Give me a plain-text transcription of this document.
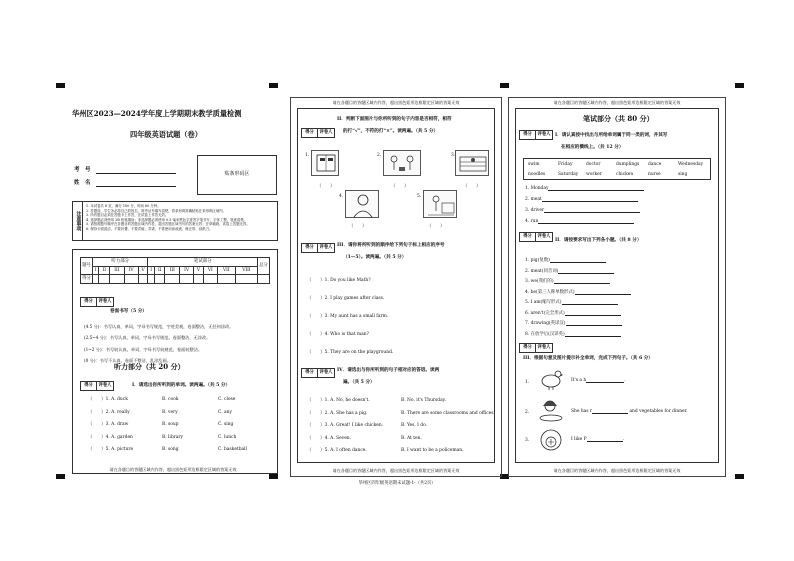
华州区2023—2024学年度上学期期末教学质量检测
四年级英语试题（卷）
考　号
姓　名
贴条形码区
注意事项
1. 本试卷共 8 页，满分 100 分，时间 60 分钟。
2. 答题前，学生务必将自己的姓名、准考证号填写清楚，将条形码准确粘贴在条形码区域内。
3. 所有题目必须在答题卡上作答，在试卷上作答无效。
4. 选择题必须使用 2B 铅笔填涂；非选择题必须使用 0.5 毫米黑色字迹签字笔书写，字体工整、笔迹清楚。
5. 请按照题号顺序在各题目的答题区域内作答，超出答题区域书写的答案无效；在草稿纸、试卷上答题无效。
6. 保持卡面清洁，不要折叠、不要弄破、弄皱，不准使用涂改液、修正带、刮纸刀。
题号	听力部分					笔试部分								总分
	I	II	III	IV	V	I	II	III	IV	V	VI	VII	VIII	
得分														
得分	评卷人
卷面书写（5 分）
(4.5 分)：书写认真，单词，字母书写规范，字迹美观，卷面整洁，无任何涂改。
(2.5~4 分)：书写认真，单词，字母书写规范，卷面整洁，无涂改。
(1~2 分)：书写较认真，单词，字母书写较规范，卷面较整洁。
(0 分)：书写不认真，卷面不整洁，乱涂乱画。
听力部分（共 20 分）
得分	评卷人	I．请选出你所听到的单词。读两遍。（共 5 分）
（　　）1. A. duck	B. cook	C. close
（　　）2. A. really	B. very	C. any
（　　）3. A. draw	B. soup	C. sing
（　　）4. A. garden	B. library	C. lunch
（　　）5. A. picture	B. song	C. basketball
请在各题目的答题区域内作答，超出黑色矩形边框限定区域的答案无效
请在各题目的答题区域内作答，超出黑色矩形边框限定区域的答案无效
得分	评卷人
II．判断下面图片与你所听到的句子内容是否相符，相符
的打“√”，不符的打“×”。读两遍。（共 5 分）
1.
（　　）
2.
（　　）
3.
（　　）
4.
（　　）
5.
（　　）
得分	评卷人 III．请你将所听到的顺序给下列句子标上相应的序号
（1—5）。读两遍。（共 5 分）
（　　）1. Do you like Math?
（　　）2. I play games after class.
（　　）3. My aunt has a small farm.
（　　）4. Who is that man?
（　　）5. They are on the playground.
得分	评卷人 IV．请选出与你所听到的句子相对应的答语。读两
遍。（共 5 分）
（　　）1. A. No, he doesn't.	B. No, it's Thursday.
（　　）2. A. She has a pig.	B. There are some classrooms and offices.
（　　）3. A. Great! I like chicken.	B. Yes, I do.
（　　）4. A. Seven.	B. At ten.
（　　）5. A. I often dance.	B. I want to be a policeman.
请在各题目的答题区域内作答，超出黑色矩形边框限定区域的答案无效
请在各题目的答题区域内作答，超出黑色矩形边框限定区域的答案无效
笔试部分（共 80 分）
得分	评卷人 I．请认真按中找出与所给单词属于同一类的词，并其写
在相应的横线上。（共 12 分）
swim	Friday	doctor	dumplings dance	Wednesday
noodles	Saturday worker	chicken	nurse	sing
1. Monday
2. meat
3. driver
4. run
得分	评卷人
II．请按要求写出下列各小题。（共 8 分）
1. pig(复数)
2. meat(同音词)
3. we(我们的)
4. be(第三人称单数形式)
5. I am(缩写形式)
6. aren't(完全形式)
7. drawing(英译汉)
8. 在放学后(汉译英)
得分	评卷人
III．根据句意及图片提示补全单词，完成下列句子。（共 6 分）
1.	It's a h	.
2.	She has r	and vegetables for dinner.
3.	I like P	.
请在各题目的答题区域内作答，超出黑色矩形边框限定区域的答案无效
华州区四年级英语期末试题-1-（共2页）
